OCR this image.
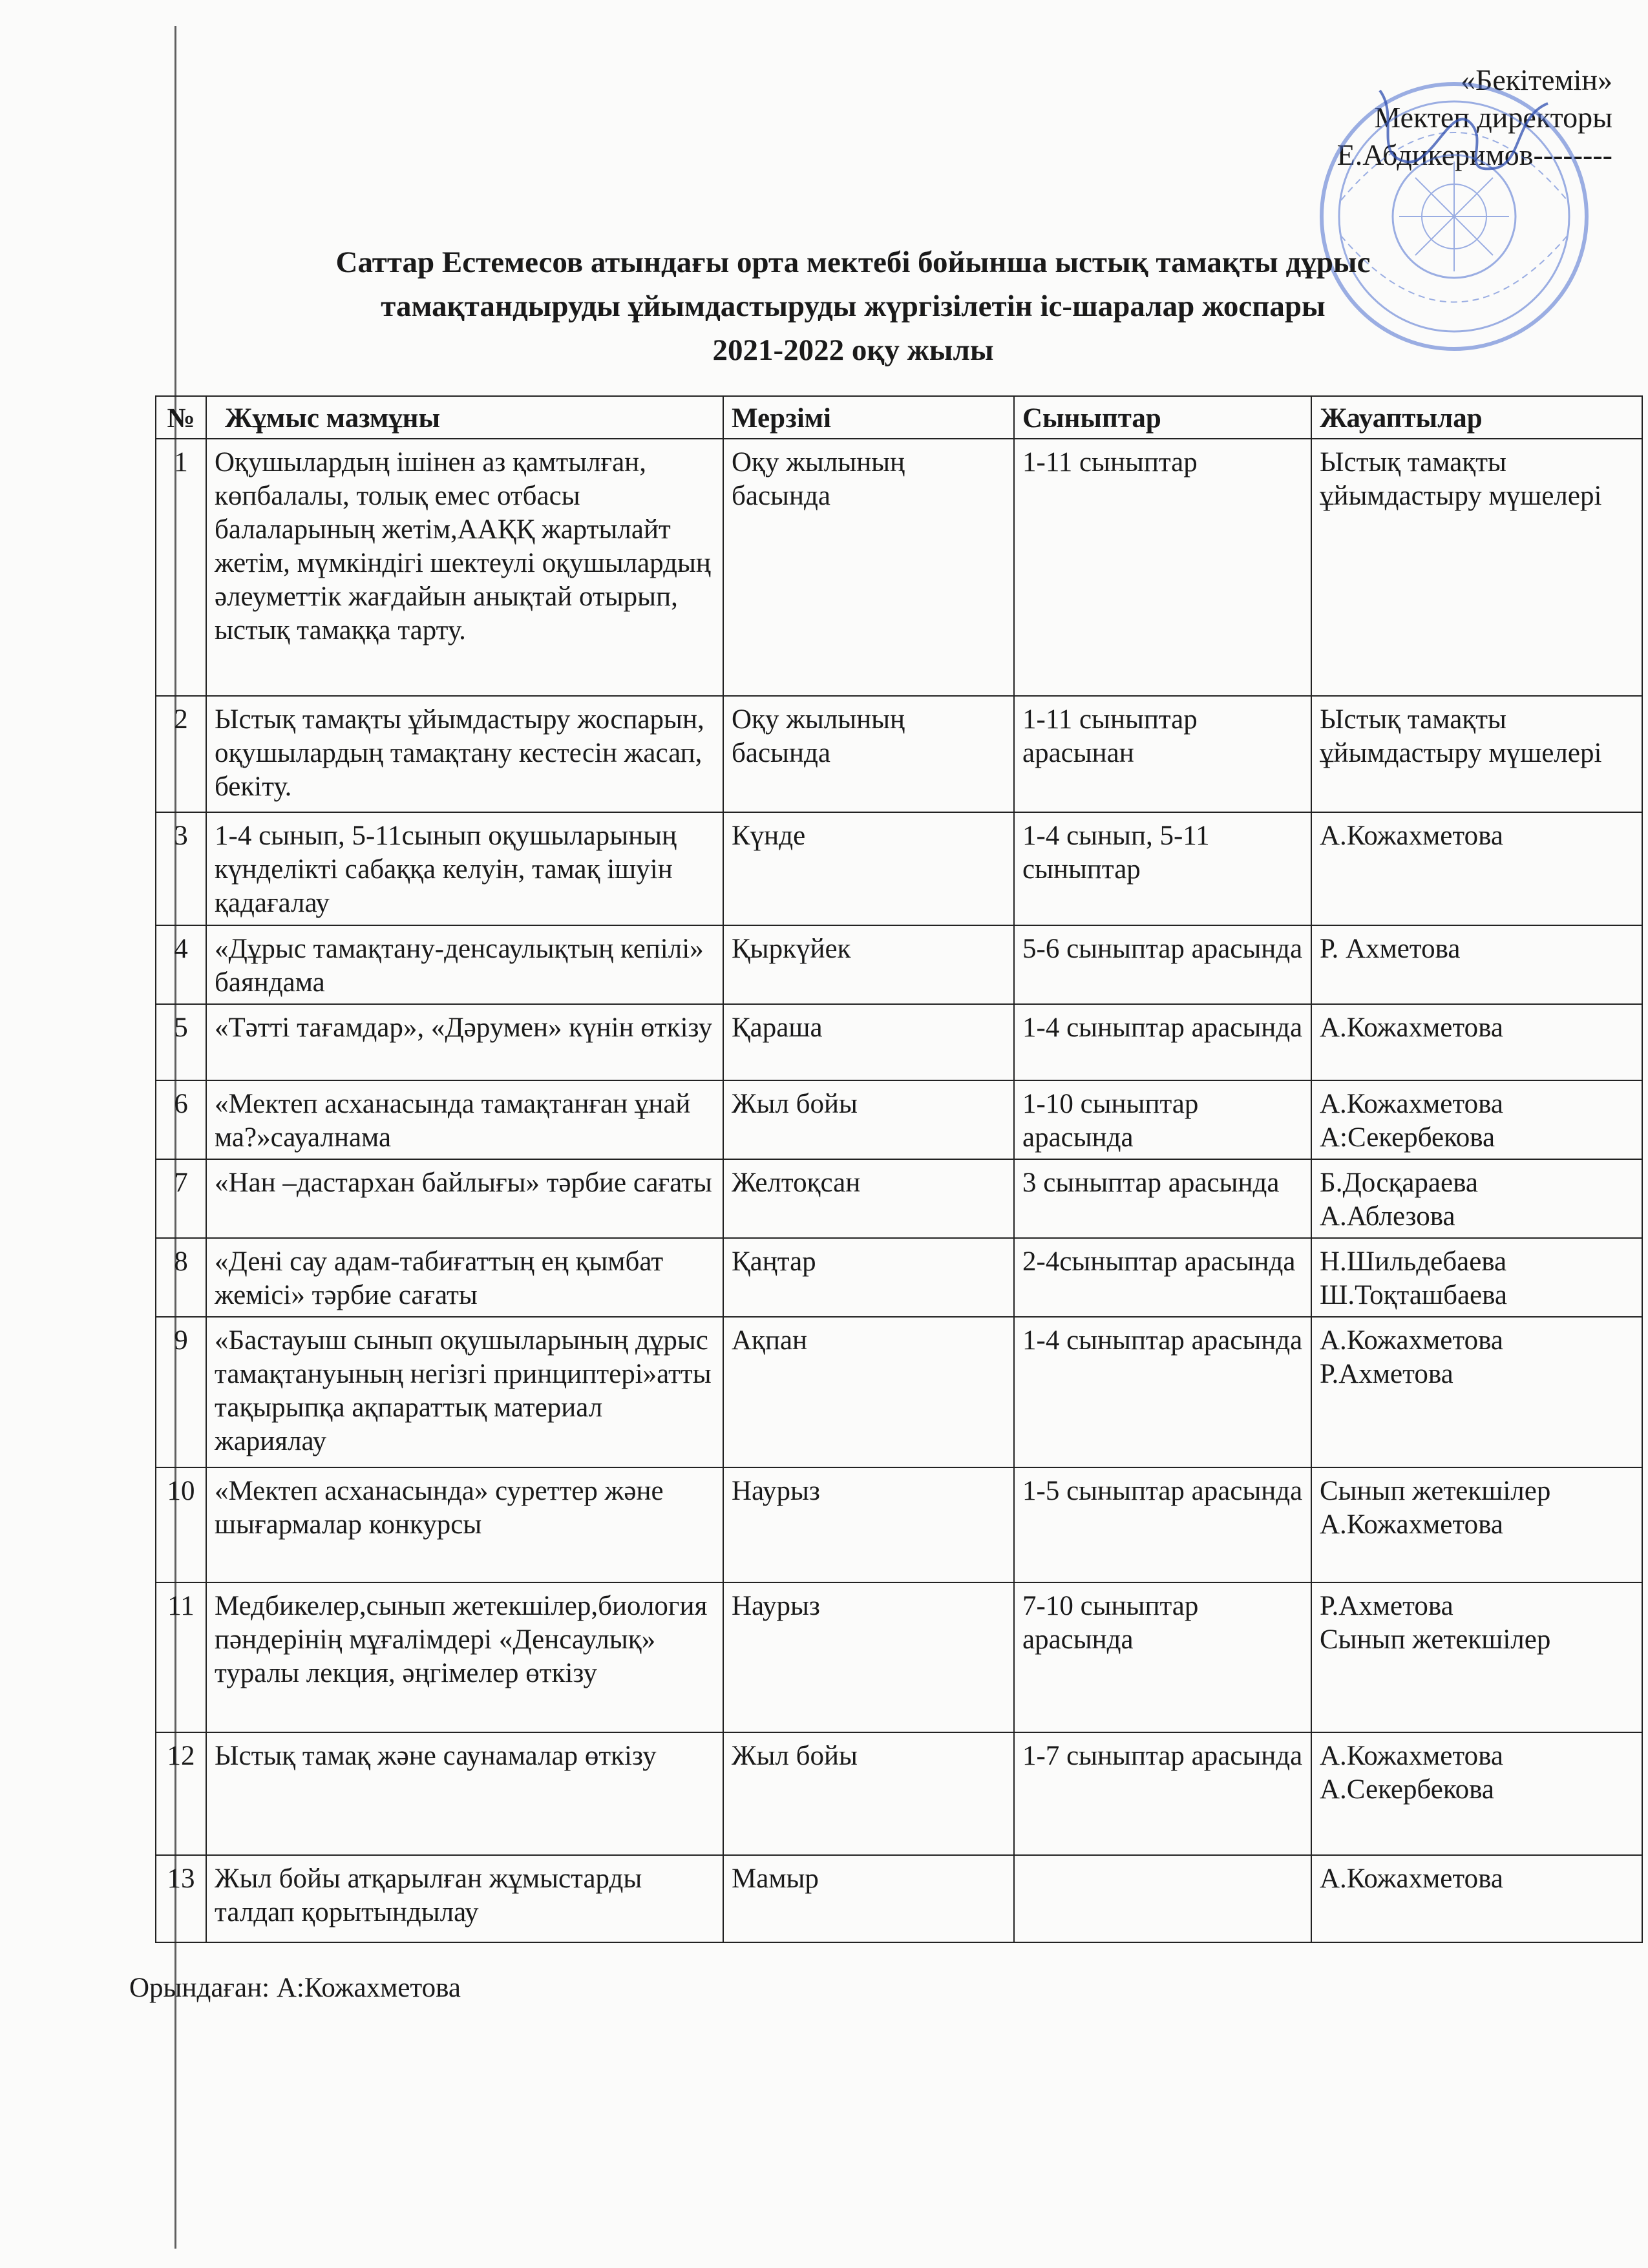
«Бекітемін»
Мектеп директоры
Е.Абдикеримов--------
Саттар Естемесов атындағы орта мектебі бойынша ыстық тамақты дұрыс
тамақтандыруды ұйымдастыруды жүргізілетін іс-шаралар жоспары
2021-2022 оқу жылы
№	Жұмыс мазмұны	Мерзімі	Сыныптар	Жауаптылар
1	Оқушылардың ішінен аз қамтылған, көпбалалы, толық емес отбасы балаларының жетім,ААҚҚ жартылайт жетім, мүмкіндігі шектеулі оқушылардың әлеуметтік жағдайын анықтай отырып, ыстық тамаққа тарту.	Оқу жылының басында	1-11 сыныптар	Ыстық тамақты ұйымдастыру мүшелері
2	Ыстық тамақты ұйымдастыру жоспарын, оқушылардың тамақтану кестесін жасап, бекіту.	Оқу жылының басында	1-11 сыныптар арасынан	Ыстық тамақты ұйымдастыру мүшелері
3	1-4 сынып, 5-11сынып оқушыларының күнделікті сабаққа келуін, тамақ ішуін қадағалау	Күнде	1-4 сынып, 5-11 сыныптар	А.Кожахметова
4	«Дұрыс тамақтану-денсаулықтың кепілі» баяндама	Қыркүйек	5-6 сыныптар арасында	Р. Ахметова
5	«Тәтті тағамдар», «Дәрумен» күнін өткізу	Қараша	1-4 сыныптар арасында	А.Кожахметова
6	«Мектеп асханасында тамақтанған ұнай ма?»сауалнама	Жыл бойы	1-10 сыныптар арасында	А.Кожахметова
А:Секербекова
7	«Нан –дастархан байлығы» тәрбие сағаты	Желтоқсан	3 сыныптар арасында	Б.Досқараева
А.Аблезова
8	«Дені сау адам-табиғаттың ең қымбат жемісі» тәрбие сағаты	Қаңтар	2-4сыныптар арасында	Н.Шильдебаева
Ш.Тоқташбаева
9	«Бастауыш сынып оқушыларының дұрыс тамақтануының негізгі принциптері»атты тақырыпқа ақпараттық материал жариялау	Ақпан	1-4 сыныптар арасында	А.Кожахметова
Р.Ахметова
10	«Мектеп асханасында» суреттер және шығармалар конкурсы	Наурыз	1-5 сыныптар арасында	Сынып жетекшілер
А.Кожахметова
11	Медбикелер,сынып жетекшілер,биология пәндерінің мұғалімдері «Денсаулық» туралы лекция, әңгімелер өткізу	Наурыз	7-10 сыныптар арасында	Р.Ахметова
Сынып жетекшілер
12	Ыстық тамақ және саунамалар өткізу	Жыл бойы	1-7 сыныптар арасында	А.Кожахметова
А.Секербекова
13	Жыл бойы атқарылған жұмыстарды талдап қорытындылау	Мамыр		А.Кожахметова
Орындаған: А:Кожахметова
